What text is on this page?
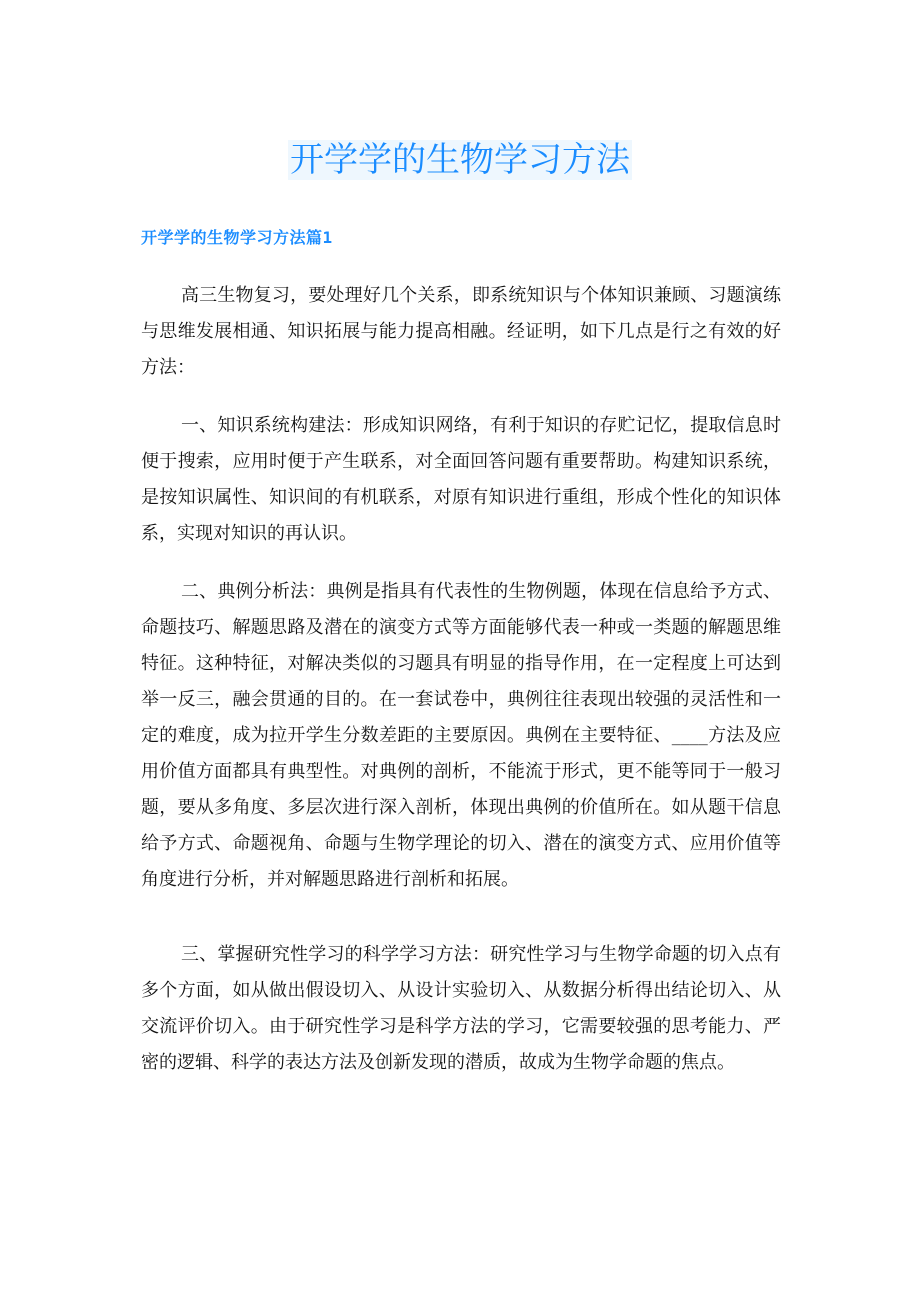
开学学的生物学习方法
开学学的生物学习方法篇1

高三生物复习，要处理好几个关系，即系统知识与个体知识兼顾、习题演练与思维发展相通、知识拓展与能力提高相融。经证明，如下几点是行之有效的好方法：

一、知识系统构建法：形成知识网络，有利于知识的存贮记忆，提取信息时便于搜索，应用时便于产生联系，对全面回答问题有重要帮助。构建知识系统，是按知识属性、知识间的有机联系，对原有知识进行重组，形成个性化的知识体系，实现对知识的再认识。

二、典例分析法：典例是指具有代表性的生物例题，体现在信息给予方式、命题技巧、解题思路及潜在的演变方式等方面能够代表一种或一类题的解题思维特征。这种特征，对解决类似的习题具有明显的指导作用，在一定程度上可达到举一反三，融会贯通的目的。在一套试卷中，典例往往表现出较强的灵活性和一定的难度，成为拉开学生分数差距的主要原因。典例在主要特征、____方法及应用价值方面都具有典型性。对典例的剖析，不能流于形式，更不能等同于一般习题，要从多角度、多层次进行深入剖析，体现出典例的价值所在。如从题干信息给予方式、命题视角、命题与生物学理论的切入、潜在的演变方式、应用价值等角度进行分析，并对解题思路进行剖析和拓展。

三、掌握研究性学习的科学学习方法：研究性学习与生物学命题的切入点有多个方面，如从做出假设切入、从设计实验切入、从数据分析得出结论切入、从交流评价切入。由于研究性学习是科学方法的学习，它需要较强的思考能力、严密的逻辑、科学的表达方法及创新发现的潜质，故成为生物学命题的焦点。
